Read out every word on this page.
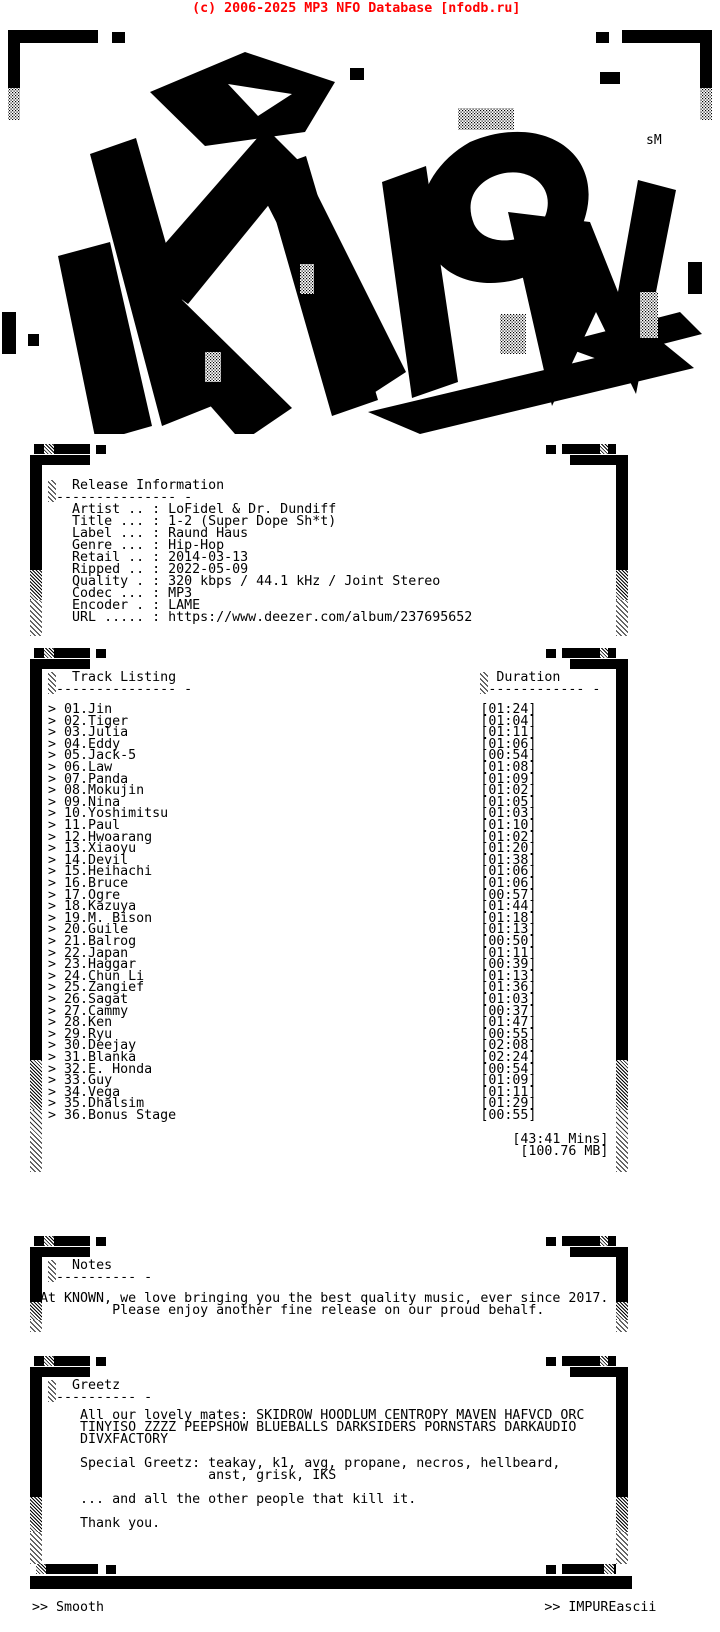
(c) 2006-2025 MP3 NFO Database [nfodb.ru]
sM
Release Information
--------------- -
Artist .. : LoFidel & Dr. Dundiff
Title ... : 1-2 (Super Dope Sh*t)
Label ... : Raund Haus
Genre ... : Hip-Hop
Retail .. : 2014-03-13
Ripped .. : 2022-05-09
Quality . : 320 kbps / 44.1 kHz / Joint Stereo
Codec ... : MP3
Encoder . : LAME
URL ..... : https://www.deezer.com/album/237695652
Track Listing
--------------- -
Duration
------------ -
> 01.Jin	[01:24]
> 02.Tiger	[01:04]
> 03.Julia	[01:11]
> 04.Eddy	[01:06]
> 05.Jack-5	[00:54]
> 06.Law	[01:08]
> 07.Panda	[01:09]
> 08.Mokujin	[01:02]
> 09.Nina	[01:05]
> 10.Yoshimitsu	[01:03]
> 11.Paul	[01:10]
> 12.Hwoarang	[01:02]
> 13.Xiaoyu	[01:20]
> 14.Devil	[01:38]
> 15.Heihachi	[01:06]
> 16.Bruce	[01:06]
> 17.Ogre	[00:57]
> 18.Kazuya	[01:44]
> 19.M. Bison	[01:18]
> 20.Guile	[01:13]
> 21.Balrog	[00:50]
> 22.Japan	[01:11]
> 23.Haggar	[00:39]
> 24.Chun Li	[01:13]
> 25.Zangief	[01:36]
> 26.Sagat	[01:03]
> 27.Cammy	[00:37]
> 28.Ken	[01:47]
> 29.Ryu	[00:55]
> 30.Deejay	[02:08]
> 31.Blanka	[02:24]
> 32.E. Honda	[00:54]
> 33.Guy	[01:09]
> 34.Vega	[01:11]
> 35.Dhalsim	[01:29]
> 36.Bonus Stage	[00:55]
[43:41 Mins]
[100.76 MB]
Notes
---------- -
At KNOWN, we love bringing you the best quality music, ever since 2017.
Please enjoy another fine release on our proud behalf.
Greetz
---------- -
All our lovely mates: SKIDROW HOODLUM CENTROPY MAVEN HAFVCD ORC
TINYISO ZZZZ PEEPSHOW BLUEBALLS DARKSIDERS PORNSTARS DARKAUDIO
DIVXFACTORY
Special Greetz: teakay, k1, avg, propane, necros, hellbeard,
anst, grisk, IKS
... and all the other people that kill it.
Thank you.
>> Smooth	>> IMPUREascii
